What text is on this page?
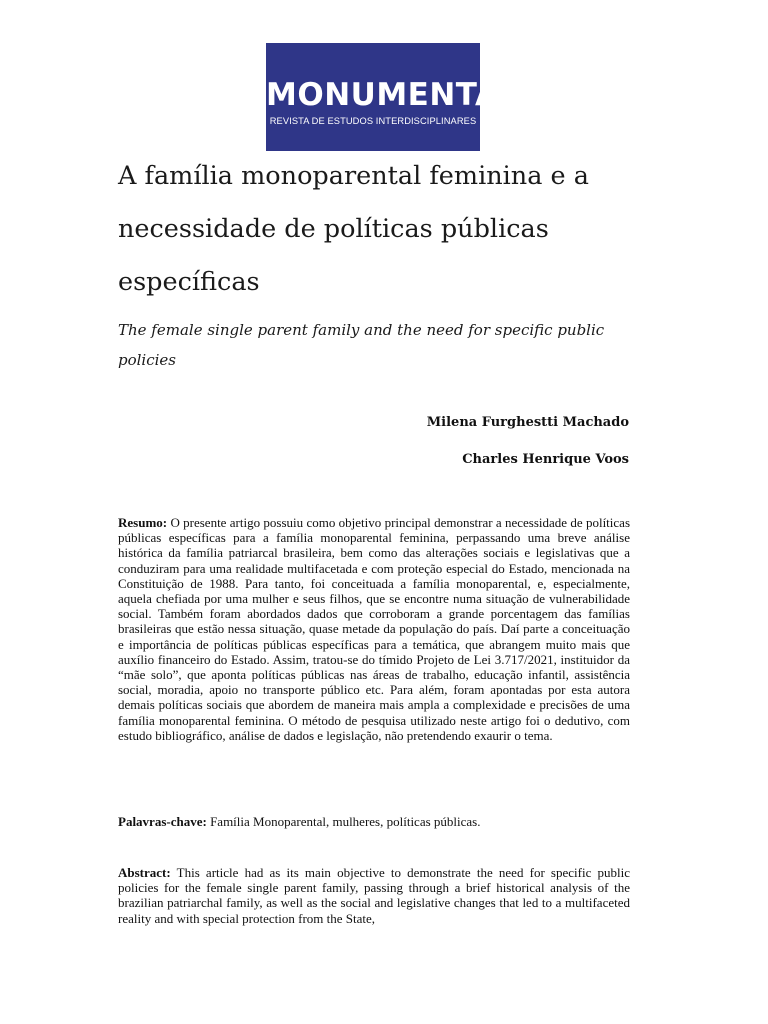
MONUMENTA
REVISTA DE ESTUDOS INTERDISCIPLINARES
A família monoparental feminina e a necessidade de políticas públicas específicas

The female single parent family and the need for specific public policies

Milena Furghestti Machado

Charles Henrique Voos

Resumo: O presente artigo possuiu como objetivo principal demonstrar a necessidade de políticas públicas específicas para a família monoparental feminina, perpassando uma breve análise histórica da família patriarcal brasileira, bem como das alterações sociais e legislativas que a conduziram para uma realidade multifacetada e com proteção especial do Estado, mencionada na Constituição de 1988. Para tanto, foi conceituada a família monoparental, e, especialmente, aquela chefiada por uma mulher e seus filhos, que se encontre numa situação de vulnerabilidade social. Também foram abordados dados que corroboram a grande porcentagem das famílias brasileiras que estão nessa situação, quase metade da população do país. Daí parte a conceituação e importância de políticas públicas específicas para a temática, que abrangem muito mais que auxílio financeiro do Estado. Assim, tratou-se do tímido Projeto de Lei 3.717/2021, instituidor da “mãe solo”, que aponta políticas públicas nas áreas de trabalho, educação infantil, assistência social, moradia, apoio no transporte público etc. Para além, foram apontadas por esta autora demais políticas sociais que abordem de maneira mais ampla a complexidade e precisões de uma família monoparental feminina. O método de pesquisa utilizado neste artigo foi o dedutivo, com estudo bibliográfico, análise de dados e legislação, não pretendendo exaurir o tema.

Palavras-chave: Família Monoparental, mulheres, políticas públicas.

Abstract: This article had as its main objective to demonstrate the need for specific public policies for the female single parent family, passing through a brief historical analysis of the brazilian patriarchal family, as well as the social and legislative changes that led to a multifaceted reality and with special protection from the State,
